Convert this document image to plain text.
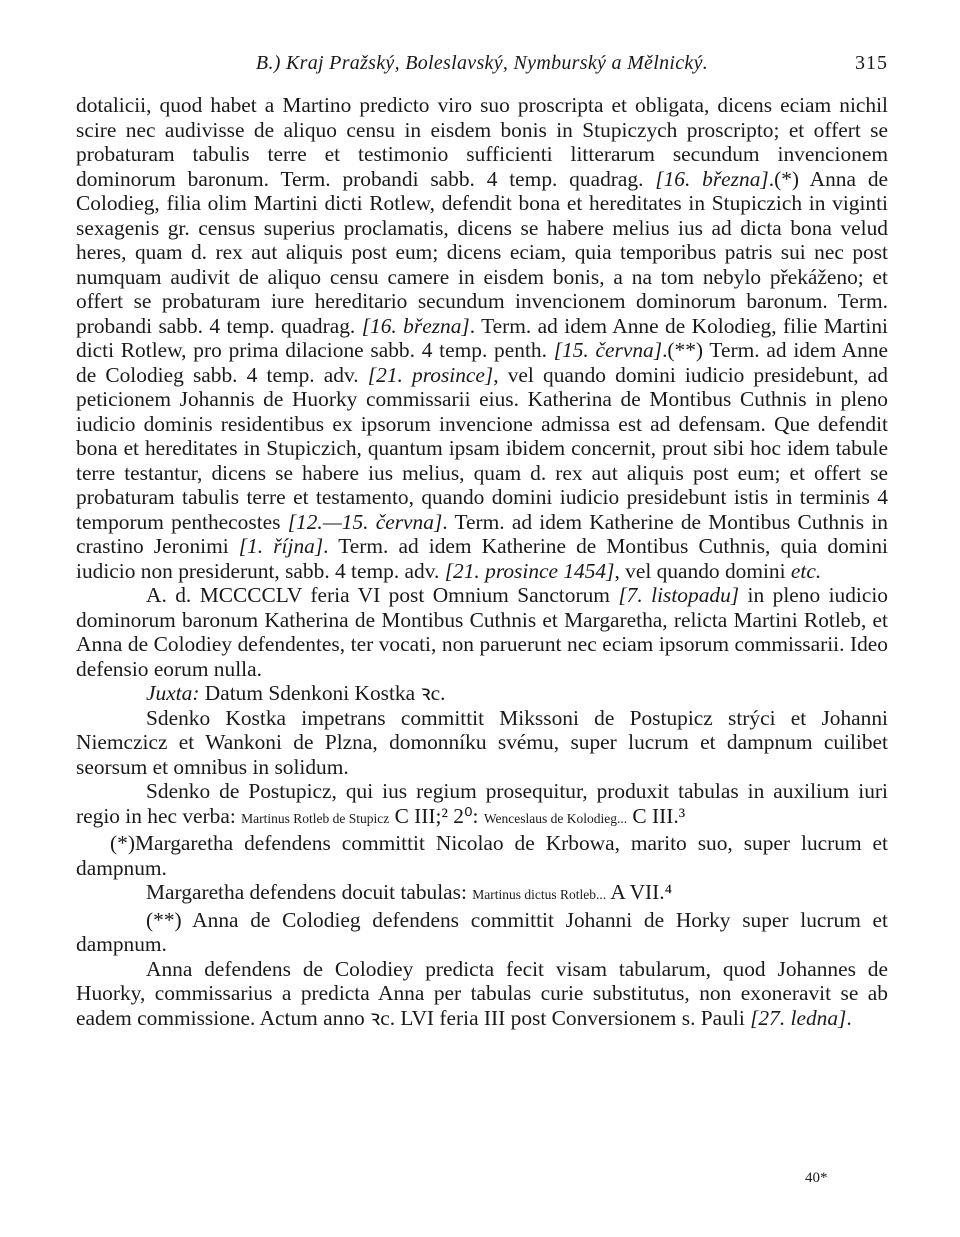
B.) Kraj Pražský, Boleslavský, Nymburský a Mělnický.	315

dotalicii, quod habet a Martino predicto viro suo proscripta et obligata, dicens eciam nichil scire nec audivisse de aliquo censu in eisdem bonis in Stupiczych proscripto; et offert se probaturam tabulis terre et testimonio sufficienti litterarum secundum invencionem dominorum baronum. Term. probandi sabb. 4 temp. quadrag. [16. března].(*) Anna de Colodieg, filia olim Martini dicti Rotlew, defendit bona et hereditates in Stupiczich in viginti sexagenis gr. census superius proclamatis, dicens se habere melius ius ad dicta bona velud heres, quam d. rex aut aliquis post eum; dicens eciam, quia temporibus patris sui nec post numquam audivit de aliquo censu camere in eisdem bonis, a na tom nebylo překáženo; et offert se probaturam iure hereditario secundum invencionem dominorum baronum. Term. probandi sabb. 4 temp. quadrag. [16. března]. Term. ad idem Anne de Kolodieg, filie Martini dicti Rotlew, pro prima dilacione sabb. 4 temp. penth. [15. června].(**) Term. ad idem Anne de Colodieg sabb. 4 temp. adv. [21. prosince], vel quando domini iudicio presidebunt, ad peticionem Johannis de Huorky commissarii eius. Katherina de Montibus Cuthnis in pleno iudicio dominis residentibus ex ipsorum invencione admissa est ad defensam. Que defendit bona et hereditates in Stupiczich, quantum ipsam ibidem concernit, prout sibi hoc idem tabule terre testantur, dicens se habere ius melius, quam d. rex aut aliquis post eum; et offert se probaturam tabulis terre et testamento, quando domini iudicio presidebunt istis in terminis 4 temporum penthecostes [12.—15. června]. Term. ad idem Katherine de Montibus Cuthnis in crastino Jeronimi [1. října]. Term. ad idem Katherine de Montibus Cuthnis, quia domini iudicio non presiderunt, sabb. 4 temp. adv. [21. prosince 1454], vel quando domini etc.

A. d. MCCCCLV feria VI post Omnium Sanctorum [7. listopadu] in pleno iudicio dominorum baronum Katherina de Montibus Cuthnis et Margaretha, relicta Martini Rotleb, et Anna de Colodiey defendentes, ter vocati, non paruerunt nec eciam ipsorum commissarii. Ideo defensio eorum nulla.

Juxta: Datum Sdenkoni Kostka ꝛc.

Sdenko Kostka impetrans committit Mikssoni de Postupicz strýci et Johanni Niemczicz et Wankoni de Plzna, domonníku svému, super lucrum et dampnum cuilibet seorsum et omnibus in solidum.

Sdenko de Postupicz, qui ius regium prosequitur, produxit tabulas in auxilium iuri regio in hec verba: Martinus Rotleb de Stupicz C III;² 2⁰: Wenceslaus de Kolodieg... C III.³

(*)Margaretha defendens committit Nicolao de Krbowa, marito suo, super lucrum et dampnum.

Margaretha defendens docuit tabulas: Martinus dictus Rotleb... A VII.⁴

(**) Anna de Colodieg defendens committit Johanni de Horky super lucrum et dampnum.

Anna defendens de Colodiey predicta fecit visam tabularum, quod Johannes de Huorky, commissarius a predicta Anna per tabulas curie substitutus, non exoneravit se ab eadem commissione. Actum anno ꝛc. LVI feria III post Conversionem s. Pauli [27. ledna].

40*
